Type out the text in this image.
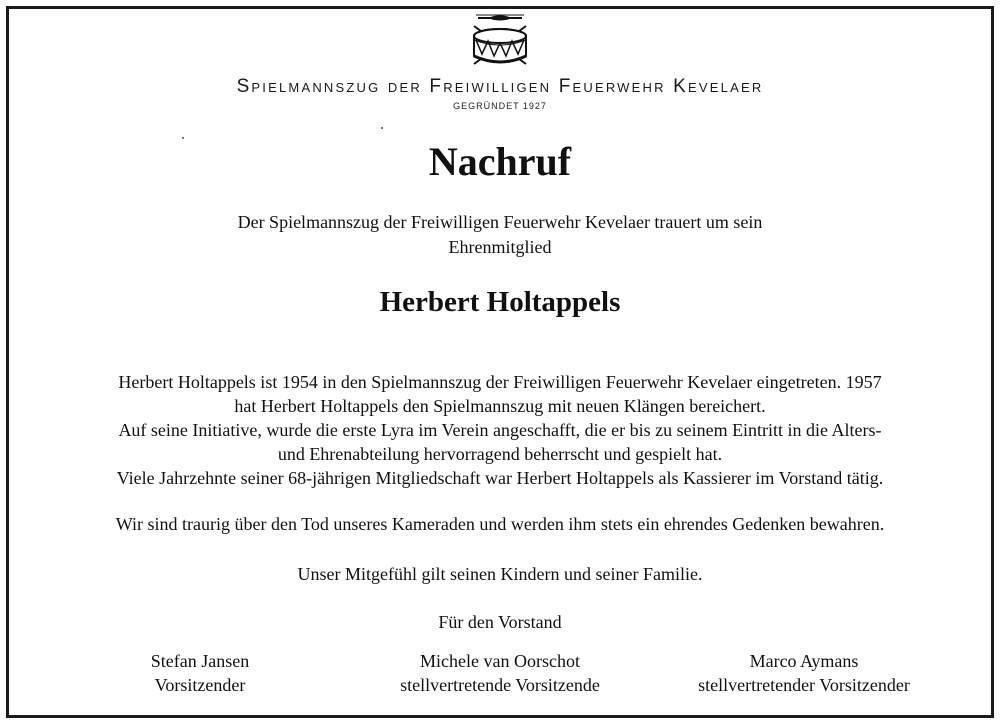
Spielmannszug der Freiwilligen Feuerwehr Kevelaer
GEGRÜNDET 1927
Nachruf
Der Spielmannszug der Freiwilligen Feuerwehr Kevelaer trauert um sein
Ehrenmitglied
Herbert Holtappels
Herbert Holtappels ist 1954 in den Spielmannszug der Freiwilligen Feuerwehr Kevelaer eingetreten. 1957
hat Herbert Holtappels den Spielmannszug mit neuen Klängen bereichert.
Auf seine Initiative, wurde die erste Lyra im Verein angeschafft, die er bis zu seinem Eintritt in die Alters-
und Ehrenabteilung hervorragend beherrscht und gespielt hat.
Viele Jahrzehnte seiner 68-jährigen Mitgliedschaft war Herbert Holtappels als Kassierer im Vorstand tätig.
Wir sind traurig über den Tod unseres Kameraden und werden ihm stets ein ehrendes Gedenken bewahren.
Unser Mitgefühl gilt seinen Kindern und seiner Familie.
Für den Vorstand
Stefan Jansen
Vorsitzender
Michele van Oorschot
stellvertretende Vorsitzende
Marco Aymans
stellvertretender Vorsitzender
